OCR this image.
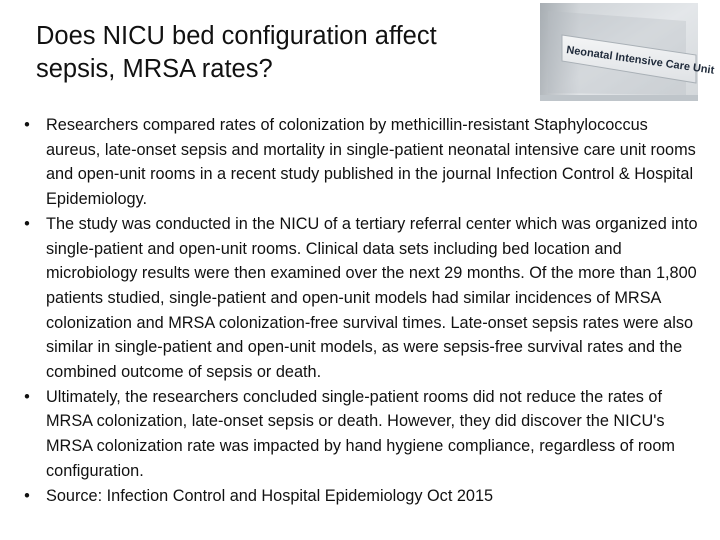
Does NICU bed configuration affect
sepsis, MRSA rates?	Neonatal Intensive Care Unit
• Researchers compared rates of colonization by methicillin-resistant Staphylococcus aureus, late-onset sepsis and mortality in single-patient neonatal intensive care unit rooms and open-unit rooms in a recent study published in the journal Infection Control & Hospital Epidemiology.
• The study was conducted in the NICU of a tertiary referral center which was organized into single-patient and open-unit rooms. Clinical data sets including bed location and microbiology results were then examined over the next 29 months. Of the more than 1,800 patients studied, single-patient and open-unit models had similar incidences of MRSA colonization and MRSA colonization-free survival times. Late-onset sepsis rates were also similar in single-patient and open-unit models, as were sepsis-free survival rates and the combined outcome of sepsis or death.
• Ultimately, the researchers concluded single-patient rooms did not reduce the rates of MRSA colonization, late-onset sepsis or death. However, they did discover the NICU's MRSA colonization rate was impacted by hand hygiene compliance, regardless of room configuration.
• Source: Infection Control and Hospital Epidemiology Oct 2015
